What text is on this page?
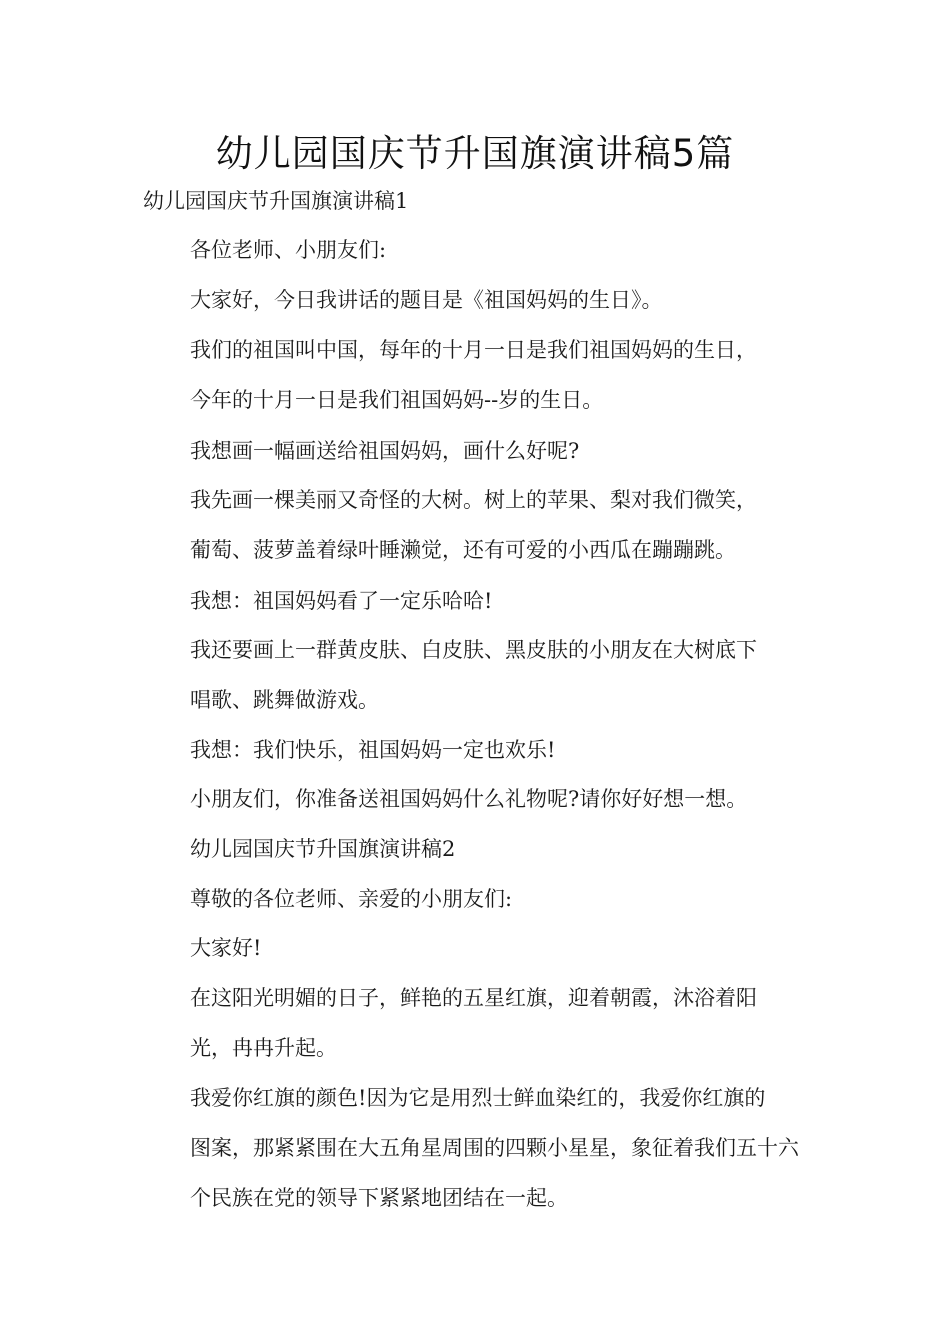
幼儿园国庆节升国旗演讲稿5篇

幼儿园国庆节升国旗演讲稿1

各位老师、小朋友们:

大家好，今日我讲话的题目是《祖国妈妈的生日》。

我们的祖国叫中国，每年的十月一日是我们祖国妈妈的生日，
今年的十月一日是我们祖国妈妈--岁的生日。

我想画一幅画送给祖国妈妈，画什么好呢?

我先画一棵美丽又奇怪的大树。树上的苹果、梨对我们微笑，
葡萄、菠萝盖着绿叶睡濑觉，还有可爱的小西瓜在蹦蹦跳。

我想：祖国妈妈看了一定乐哈哈!

我还要画上一群黄皮肤、白皮肤、黑皮肤的小朋友在大树底下
唱歌、跳舞做游戏。

我想：我们快乐，祖国妈妈一定也欢乐!

小朋友们，你准备送祖国妈妈什么礼物呢?请你好好想一想。

幼儿园国庆节升国旗演讲稿2

尊敬的各位老师、亲爱的小朋友们:

大家好!

在这阳光明媚的日子，鲜艳的五星红旗，迎着朝霞，沐浴着阳
光，冉冉升起。

我爱你红旗的颜色!因为它是用烈士鲜血染红的，我爱你红旗的
图案，那紧紧围在大五角星周围的四颗小星星，象征着我们五十六
个民族在党的领导下紧紧地团结在一起。
